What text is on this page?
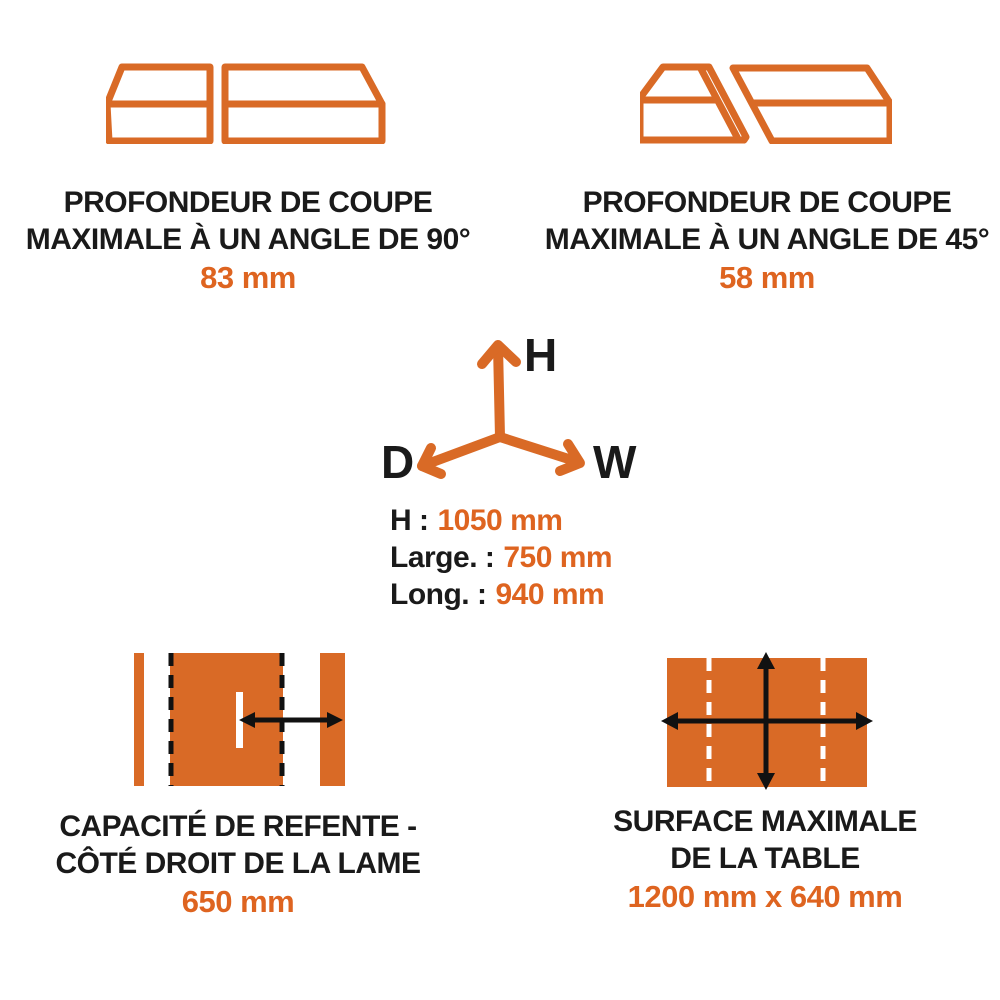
PROFONDEUR DE COUPE
MAXIMALE À UN ANGLE DE 90°
83 mm
PROFONDEUR DE COUPE
MAXIMALE À UN ANGLE DE 45°
58 mm
H
D	W
H : 1050 mm
Large. : 750 mm
Long. : 940 mm
CAPACITÉ DE REFENTE -
CÔTÉ DROIT DE LA LAME
650 mm
SURFACE MAXIMALE
DE LA TABLE
1200 mm x 640 mm
